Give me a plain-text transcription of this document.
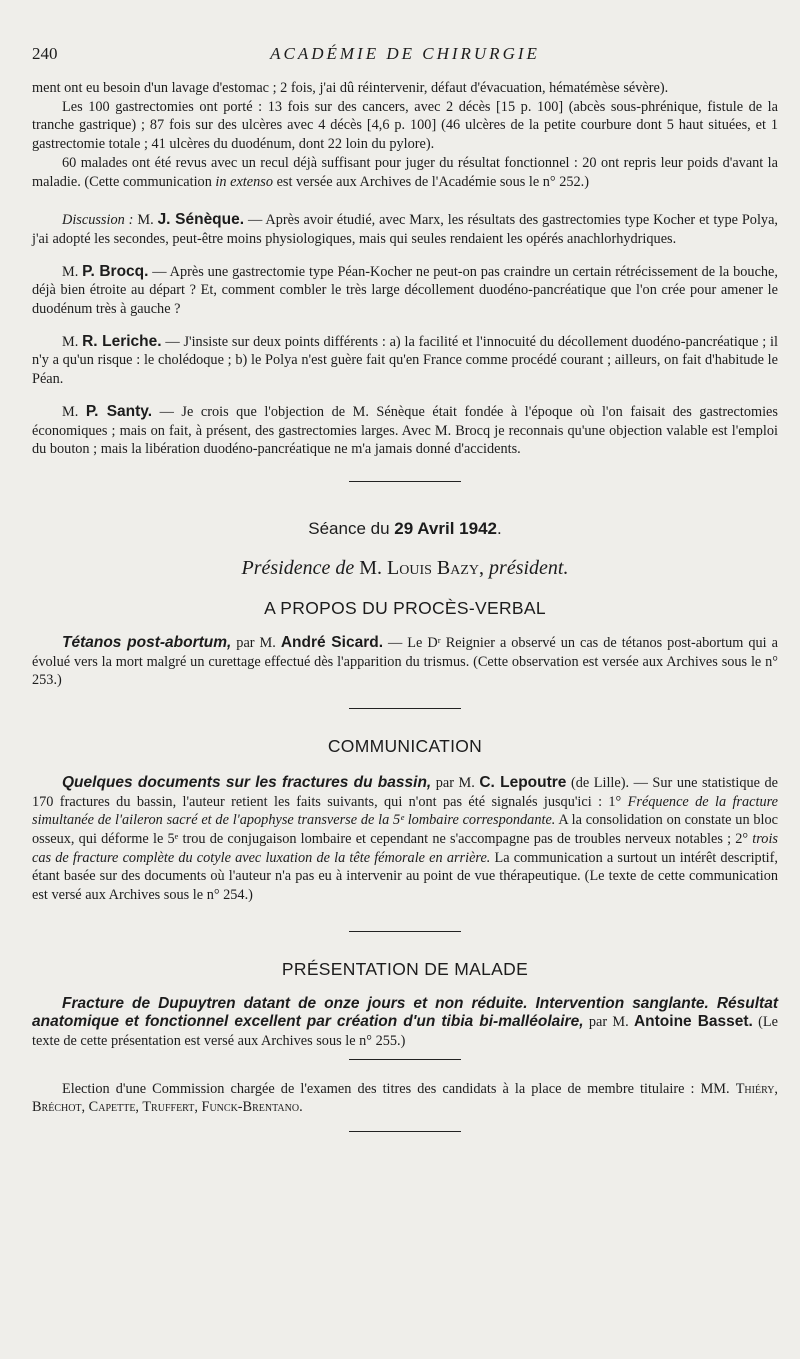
240	ACADÉMIE DE CHIRURGIE

ment ont eu besoin d'un lavage d'estomac ; 2 fois, j'ai dû réintervenir, défaut d'évacuation, hématémèse sévère).

Les 100 gastrectomies ont porté : 13 fois sur des cancers, avec 2 décès [15 p. 100] (abcès sous-phrénique, fistule de la tranche gastrique) ; 87 fois sur des ulcères avec 4 décès [4,6 p. 100] (46 ulcères de la petite courbure dont 5 haut situées, et 1 gastrectomie totale ; 41 ulcères du duodénum, dont 22 loin du pylore).

60 malades ont été revus avec un recul déjà suffisant pour juger du résultat fonctionnel : 20 ont repris leur poids d'avant la maladie. (Cette communication in extenso est versée aux Archives de l'Académie sous le n° 252.)

Discussion : M. J. Sénèque. — Après avoir étudié, avec Marx, les résultats des gastrectomies type Kocher et type Polya, j'ai adopté les secondes, peut-être moins physiologiques, mais qui seules rendaient les opérés anachlorhydriques.

M. P. Brocq. — Après une gastrectomie type Péan-Kocher ne peut-on pas craindre un certain rétrécissement de la bouche, déjà bien étroite au départ ? Et, comment combler le très large décollement duodéno-pancréatique que l'on crée pour amener le duodénum très à gauche ?

M. R. Leriche. — J'insiste sur deux points différents : a) la facilité et l'innocuité du décollement duodéno-pancréatique ; il n'y a qu'un risque : le cholédoque ; b) le Polya n'est guère fait qu'en France comme procédé courant ; ailleurs, on fait d'habitude le Péan.

M. P. Santy. — Je crois que l'objection de M. Sénèque était fondée à l'époque où l'on faisait des gastrectomies économiques ; mais on fait, à présent, des gastrectomies larges. Avec M. Brocq je reconnais qu'une objection valable est l'emploi du bouton ; mais la libération duodéno-pancréatique ne m'a jamais donné d'accidents.

Séance du 29 Avril 1942.
Présidence de M. Louis Bazy, président.
A PROPOS DU PROCÈS-VERBAL

Tétanos post-abortum, par M. André Sicard. — Le Dʳ Reignier a observé un cas de tétanos post-abortum qui a évolué vers la mort malgré un curettage effectué dès l'apparition du trismus. (Cette observation est versée aux Archives sous le n° 253.)

COMMUNICATION

Quelques documents sur les fractures du bassin, par M. C. Lepoutre (de Lille). — Sur une statistique de 170 fractures du bassin, l'auteur retient les faits suivants, qui n'ont pas été signalés jusqu'ici : 1° Fréquence de la fracture simultanée de l'aileron sacré et de l'apophyse transverse de la 5ᵉ lombaire correspondante. A la consolidation on constate un bloc osseux, qui déforme le 5ᵉ trou de conjugaison lombaire et cependant ne s'accompagne pas de troubles nerveux notables ; 2° trois cas de fracture complète du cotyle avec luxation de la tête fémorale en arrière. La communication a surtout un intérêt descriptif, étant basée sur des documents où l'auteur n'a pas eu à intervenir au point de vue thérapeutique. (Le texte de cette communication est versé aux Archives sous le n° 254.)

PRÉSENTATION DE MALADE

Fracture de Dupuytren datant de onze jours et non réduite. Intervention sanglante. Résultat anatomique et fonctionnel excellent par création d'un tibia bi-malléolaire, par M. Antoine Basset. (Le texte de cette présentation est versé aux Archives sous le n° 255.)

Election d'une Commission chargée de l'examen des titres des candidats à la place de membre titulaire : MM. Thiéry, Bréchot, Capette, Truffert, Funck-Brentano.
